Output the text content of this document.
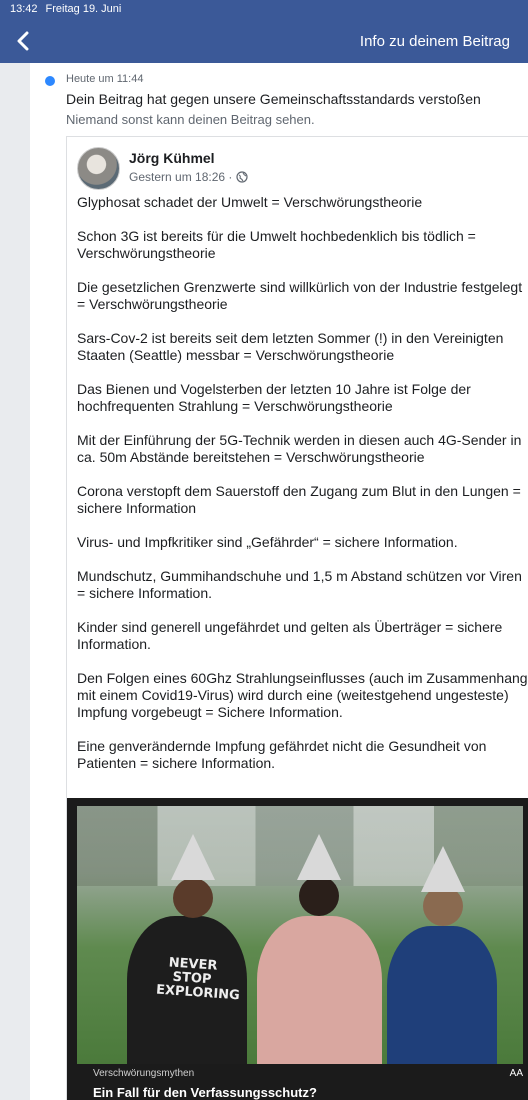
13:42 Freitag 19. Juni
Info zu deinem Beitrag
Heute um 11:44
Dein Beitrag hat gegen unsere Gemeinschaftsstandards verstoßen
Niemand sonst kann deinen Beitrag sehen.
Jörg Kühmel
Gestern um 18:26 ·

Glyphosat schadet der Umwelt = Verschwörungstheorie

Schon 3G ist bereits für die Umwelt hochbedenklich bis tödlich = Verschwörungstheorie

Die gesetzlichen Grenzwerte sind willkürlich von der Industrie festgelegt = Verschwörungstheorie

Sars-Cov-2 ist bereits seit dem letzten Sommer (!) in den Vereinigten Staaten (Seattle) messbar = Verschwörungstheorie

Das Bienen und Vogelsterben der letzten 10 Jahre ist Folge der hochfrequenten Strahlung = Verschwörungstheorie

Mit der Einführung der 5G-Technik werden in diesen auch 4G-Sender in ca. 50m Abstände bereitstehen = Verschwörungstheorie

Corona verstopft dem Sauerstoff den Zugang zum Blut in den Lungen = sichere Information

Virus- und Impfkritiker sind „Gefährder“ = sichere Information.

Mundschutz, Gummihandschuhe und 1,5 m Abstand schützen vor Viren = sichere Information.

Kinder sind generell ungefährdet und gelten als Überträger = sichere Information.

Den Folgen eines 60Ghz Strahlungseinflusses (auch im Zusammenhang mit einem Covid19-Virus) wird durch eine (weitestgehend ungesteste) Impfung vorgebeugt = Sichere Information.

Eine genverändernde Impfung gefährdet nicht die Gesundheit von Patienten = sichere Information.

NEVER STOP EXPLORING
Verschwörungsmythen
Ein Fall für den Verfassungsschutz?
AA
